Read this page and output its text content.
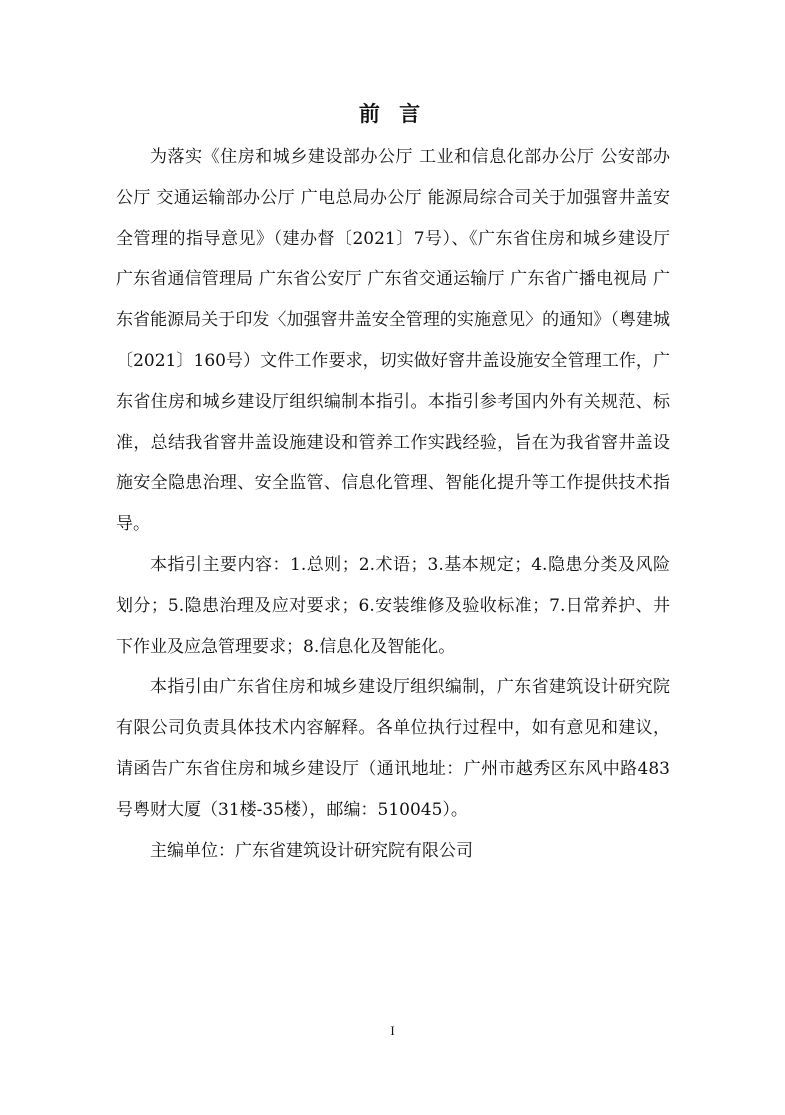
前 言

为落实《住房和城乡建设部办公厅 工业和信息化部办公厅 公安部办公厅 交通运输部办公厅 广电总局办公厅 能源局综合司关于加强窨井盖安全管理的指导意见》（建办督〔2021〕7号）、《广东省住房和城乡建设厅 广东省通信管理局 广东省公安厅 广东省交通运输厅 广东省广播电视局 广东省能源局关于印发〈加强窨井盖安全管理的实施意见〉的通知》（粤建城〔2021〕160号）文件工作要求，切实做好窨井盖设施安全管理工作，广东省住房和城乡建设厅组织编制本指引。本指引参考国内外有关规范、标准，总结我省窨井盖设施建设和管养工作实践经验，旨在为我省窨井盖设施安全隐患治理、安全监管、信息化管理、智能化提升等工作提供技术指导。

本指引主要内容：1.总则；2.术语；3.基本规定；4.隐患分类及风险划分；5.隐患治理及应对要求；6.安装维修及验收标准；7.日常养护、井下作业及应急管理要求；8.信息化及智能化。

本指引由广东省住房和城乡建设厅组织编制，广东省建筑设计研究院有限公司负责具体技术内容解释。各单位执行过程中，如有意见和建议，请函告广东省住房和城乡建设厅（通讯地址：广州市越秀区东风中路483号粤财大厦（31楼-35楼），邮编：510045）。

主编单位：广东省建筑设计研究院有限公司

I
